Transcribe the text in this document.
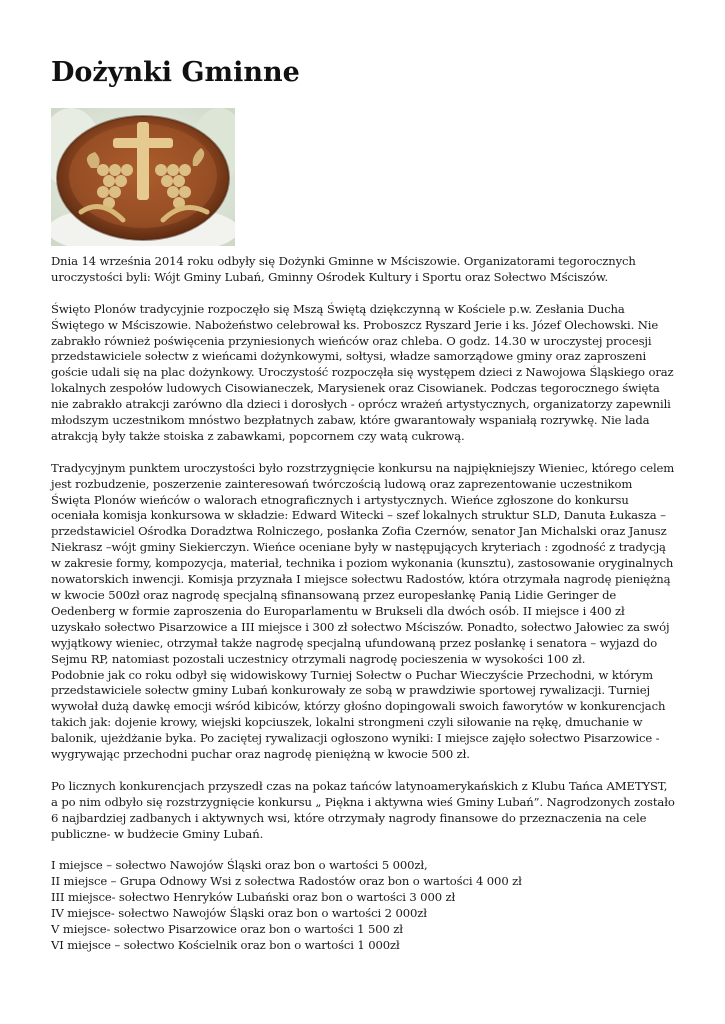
Dożynki Gminne

Dnia 14 września 2014 roku odbyły się Dożynki Gminne w Mściszowie. Organizatorami tegorocznych uroczystości byli: Wójt Gminy Lubań, Gminny Ośrodek Kultury i Sportu oraz Sołectwo Mściszów.

Święto Plonów tradycyjnie rozpoczęło się Mszą Świętą dziękczynną w Kościele p.w. Zesłania Ducha Świętego w Mściszowie. Nabożeństwo celebrował ks. Proboszcz Ryszard Jerie i ks. Józef Olechowski. Nie zabrakło również poświęcenia przyniesionych wieńców oraz chleba. O godz. 14.30 w uroczystej procesji przedstawiciele sołectw z wieńcami dożynkowymi, sołtysi, władze samorządowe gminy oraz zaproszeni goście udali się na plac dożynkowy. Uroczystość rozpoczęła się występem dzieci z Nawojowa Śląskiego oraz lokalnych zespołów ludowych Cisowianeczek, Marysienek oraz Cisowianek. Podczas tegorocznego święta nie zabrakło atrakcji zarówno dla dzieci i dorosłych - oprócz wrażeń artystycznych, organizatorzy zapewnili młodszym uczestnikom mnóstwo bezpłatnych zabaw, które gwarantowały wspaniałą rozrywkę. Nie lada atrakcją były także stoiska z zabawkami, popcornem czy watą cukrową.

Tradycyjnym punktem uroczystości było rozstrzygnięcie konkursu na najpiękniejszy Wieniec, którego celem jest rozbudzenie, poszerzenie zainteresowań twórczością ludową oraz zaprezentowanie uczestnikom Święta Plonów wieńców o walorach etnograficznych i artystycznych. Wieńce zgłoszone do konkursu oceniała komisja konkursowa w składzie: Edward Witecki – szef lokalnych struktur SLD, Danuta Łukasza – przedstawiciel Ośrodka Doradztwa Rolniczego, posłanka Zofia Czernów, senator Jan Michalski oraz Janusz Niekrasz –wójt gminy Siekierczyn. Wieńce oceniane były w następujących kryteriach : zgodność z tradycją w zakresie formy, kompozycja, materiał, technika i poziom wykonania (kunsztu), zastosowanie oryginalnych nowatorskich inwencji. Komisja przyznała I miejsce sołectwu Radostów, która otrzymała nagrodę pieniężną w kwocie 500zł oraz nagrodę specjalną sfinansowaną przez europesłankę Panią Lidie Geringer de Oedenberg w formie zaproszenia do Europarlamentu w Brukseli dla dwóch osób. II miejsce i 400 zł uzyskało sołectwo Pisarzowice a III miejsce i 300 zł sołectwo Mściszów. Ponadto, sołectwo Jałowiec za swój wyjątkowy wieniec, otrzymał także nagrodę specjalną ufundowaną przez posłankę i senatora – wyjazd do Sejmu RP, natomiast pozostali uczestnicy otrzymali nagrodę pocieszenia w wysokości 100 zł.

Podobnie jak co roku odbył się widowiskowy Turniej Sołectw o Puchar Wieczyście Przechodni, w którym przedstawiciele sołectw gminy Lubań konkurowały ze sobą w prawdziwie sportowej rywalizacji. Turniej wywołał dużą dawkę emocji wśród kibiców, którzy głośno dopingowali swoich faworytów w konkurencjach takich jak: dojenie krowy, wiejski kopciuszek, lokalni strongmeni czyli siłowanie na rękę, dmuchanie w balonik, ujeżdżanie byka. Po zaciętej rywalizacji ogłoszono wyniki: I miejsce zajęło sołectwo Pisarzowice - wygrywając przechodni puchar oraz nagrodę pieniężną w kwocie 500 zł.

Po licznych konkurencjach przyszedł czas na pokaz tańców latynoamerykańskich z Klubu Tańca AMETYST, a po nim odbyło się rozstrzygnięcie konkursu „ Piękna i aktywna wieś Gminy Lubań”. Nagrodzonych zostało 6 najbardziej zadbanych i aktywnych wsi, które otrzymały nagrody finansowe do przeznaczenia na cele publiczne- w budżecie Gminy Lubań.

I miejsce – sołectwo Nawojów Śląski oraz bon o wartości 5 000zł,
II miejsce – Grupa Odnowy Wsi z sołectwa Radostów oraz bon o wartości 4 000 zł
III miejsce- sołectwo Henryków Lubański oraz bon o wartości 3 000 zł
IV miejsce- sołectwo Nawojów Śląski oraz bon o wartości 2 000zł
V miejsce- sołectwo Pisarzowice oraz bon o wartości 1 500 zł
VI miejsce – sołectwo Kościelnik oraz bon o wartości 1 000zł
